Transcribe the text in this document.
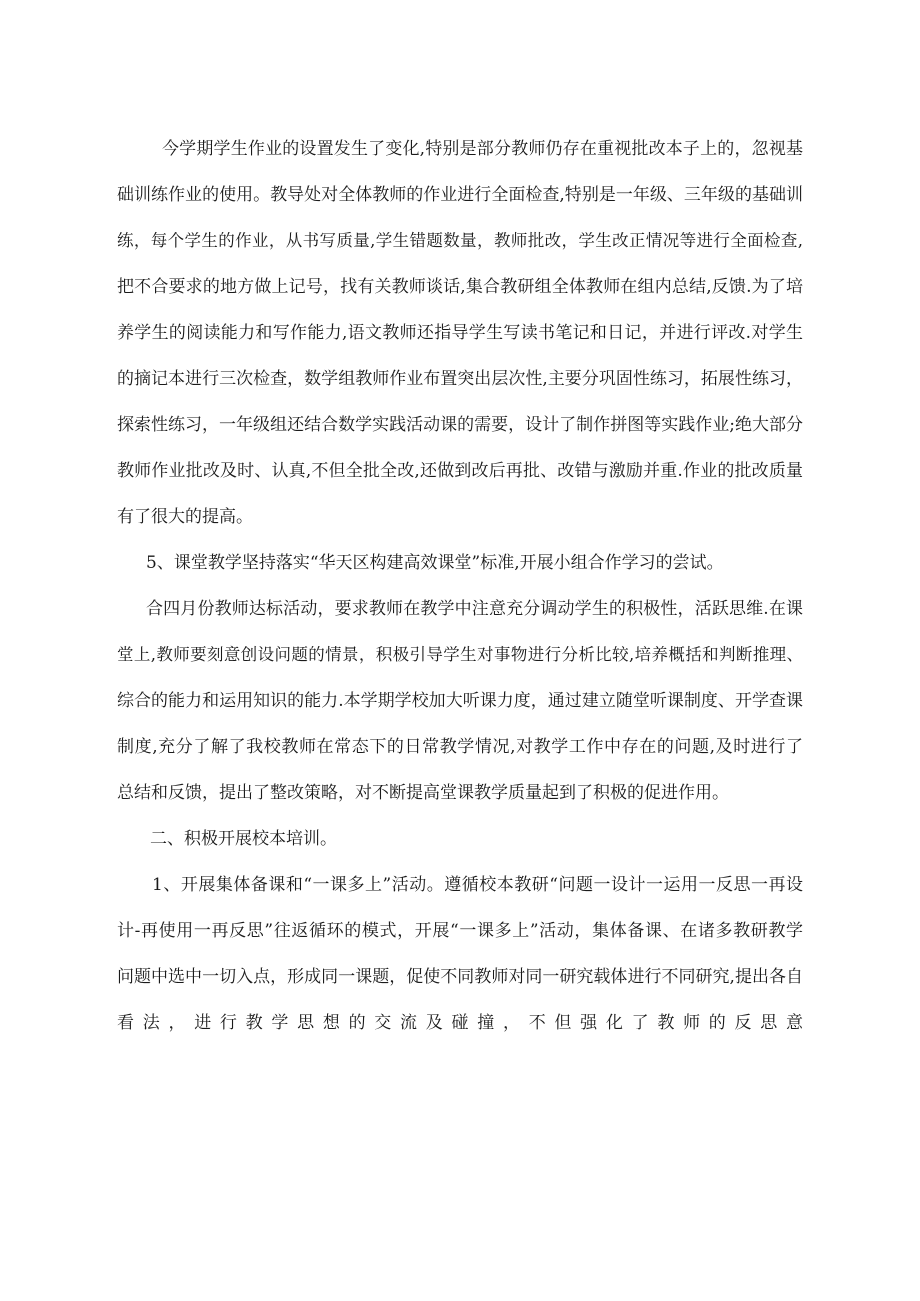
今学期学生作业的设置发生了变化,特别是部分教师仍存在重视批改本子上的，忽视基
础训练作业的使用。教导处对全体教师的作业进行全面检查,特别是一年级、三年级的基础训
练，每个学生的作业，从书写质量,学生错题数量，教师批改，学生改正情况等进行全面检查,
把不合要求的地方做上记号，找有关教师谈话,集合教研组全体教师在组内总结,反馈.为了培
养学生的阅读能力和写作能力,语文教师还指导学生写读书笔记和日记，并进行评改.对学生
的摘记本进行三次检查，数学组教师作业布置突出层次性,主要分巩固性练习，拓展性练习，
探索性练习，一年级组还结合数学实践活动课的需要，设计了制作拼图等实践作业;绝大部分
教师作业批改及时、认真,不但全批全改,还做到改后再批、改错与激励并重.作业的批改质量
有了很大的提高。
5、课堂教学坚持落实“华天区构建高效课堂”标准,开展小组合作学习的尝试。
合四月份教师达标活动，要求教师在教学中注意充分调动学生的积极性，活跃思维.在课
堂上,教师要刻意创设问题的情景，积极引导学生对事物进行分析比较,培养概括和判断推理、
综合的能力和运用知识的能力.本学期学校加大听课力度，通过建立随堂听课制度、开学查课
制度,充分了解了我校教师在常态下的日常教学情况,对教学工作中存在的问题,及时进行了
总结和反馈，提出了整改策略，对不断提高堂课教学质量起到了积极的促进作用。
二、积极开展校本培训。
1、开展集体备课和“一课多上”活动。遵循校本教研“问题一设计一运用一反思一再设
计-再使用一再反思”往返循环的模式，开展“一课多上”活动，集体备课、在诸多教研教学
问题中选中一切入点，形成同一课题，促使不同教师对同一研究载体进行不同研究,提出各自
看法，进行教学思想的交流及碰撞，不但强化了教师的反思意
